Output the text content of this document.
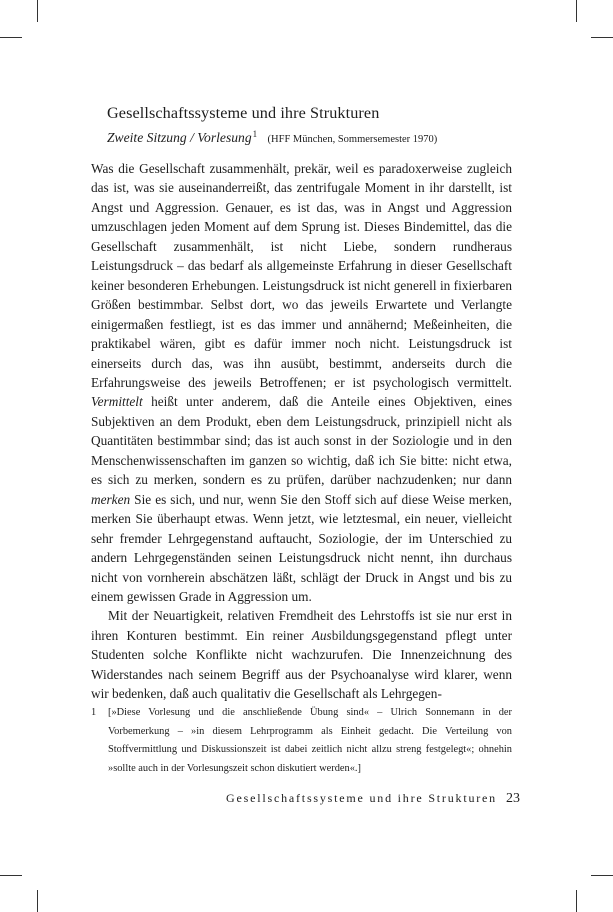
Gesellschaftssysteme und ihre Strukturen
Zweite Sitzung / Vorlesung$^1$ (HFF München, Sommersemester 1970)

Was die Gesellschaft zusammenhält, prekär, weil es paradoxerweise zugleich das ist, was sie auseinanderreißt, das zentrifugale Moment in ihr darstellt, ist Angst und Aggression. Genauer, es ist das, was in Angst und Aggression umzuschlagen jeden Moment auf dem Sprung ist. Dieses Bindemittel, das die Gesellschaft zusammenhält, ist nicht Liebe, sondern rundheraus Leistungsdruck – das bedarf als allgemeinste Erfahrung in dieser Gesellschaft keiner besonderen Erhebungen. Leistungsdruck ist nicht generell in fixierbaren Größen bestimmbar. Selbst dort, wo das jeweils Erwartete und Verlangte einigermaßen festliegt, ist es das immer und annähernd; Meßeinheiten, die praktikabel wären, gibt es dafür immer noch nicht. Leistungsdruck ist einerseits durch das, was ihn ausübt, bestimmt, anderseits durch die Erfahrungsweise des jeweils Betroffenen; er ist psychologisch vermittelt. Vermittelt heißt unter anderem, daß die Anteile eines Objektiven, eines Subjektiven an dem Produkt, eben dem Leistungsdruck, prinzipiell nicht als Quantitäten bestimmbar sind; das ist auch sonst in der Soziologie und in den Menschenwissenschaften im ganzen so wichtig, daß ich Sie bitte: nicht etwa, es sich zu merken, sondern es zu prüfen, darüber nachzudenken; nur dann merken Sie es sich, und nur, wenn Sie den Stoff sich auf diese Weise merken, merken Sie überhaupt etwas. Wenn jetzt, wie letztesmal, ein neuer, vielleicht sehr fremder Lehrgegenstand auftaucht, Soziologie, der im Unterschied zu andern Lehrgegenständen seinen Leistungsdruck nicht nennt, ihn durchaus nicht von vornherein abschätzen läßt, schlägt der Druck in Angst und bis zu einem gewissen Grade in Aggression um.

Mit der Neuartigkeit, relativen Fremdheit des Lehrstoffs ist sie nur erst in ihren Konturen bestimmt. Ein reiner Ausbildungsgegenstand pflegt unter Studenten solche Konflikte nicht wachzurufen. Die Innenzeichnung des Widerstandes nach seinem Begriff aus der Psychoanalyse wird klarer, wenn wir bedenken, daß auch qualitativ die Gesellschaft als Lehrgegen-

1 [»Diese Vorlesung und die anschließende Übung sind« – Ulrich Sonnemann in der Vorbemerkung – »in diesem Lehrprogramm als Einheit gedacht. Die Verteilung von Stoffvermittlung und Diskussionszeit ist dabei zeitlich nicht allzu streng festgelegt«; ohnehin »sollte auch in der Vorlesungszeit schon diskutiert werden«.]
Gesellschaftssysteme und ihre Strukturen 23
